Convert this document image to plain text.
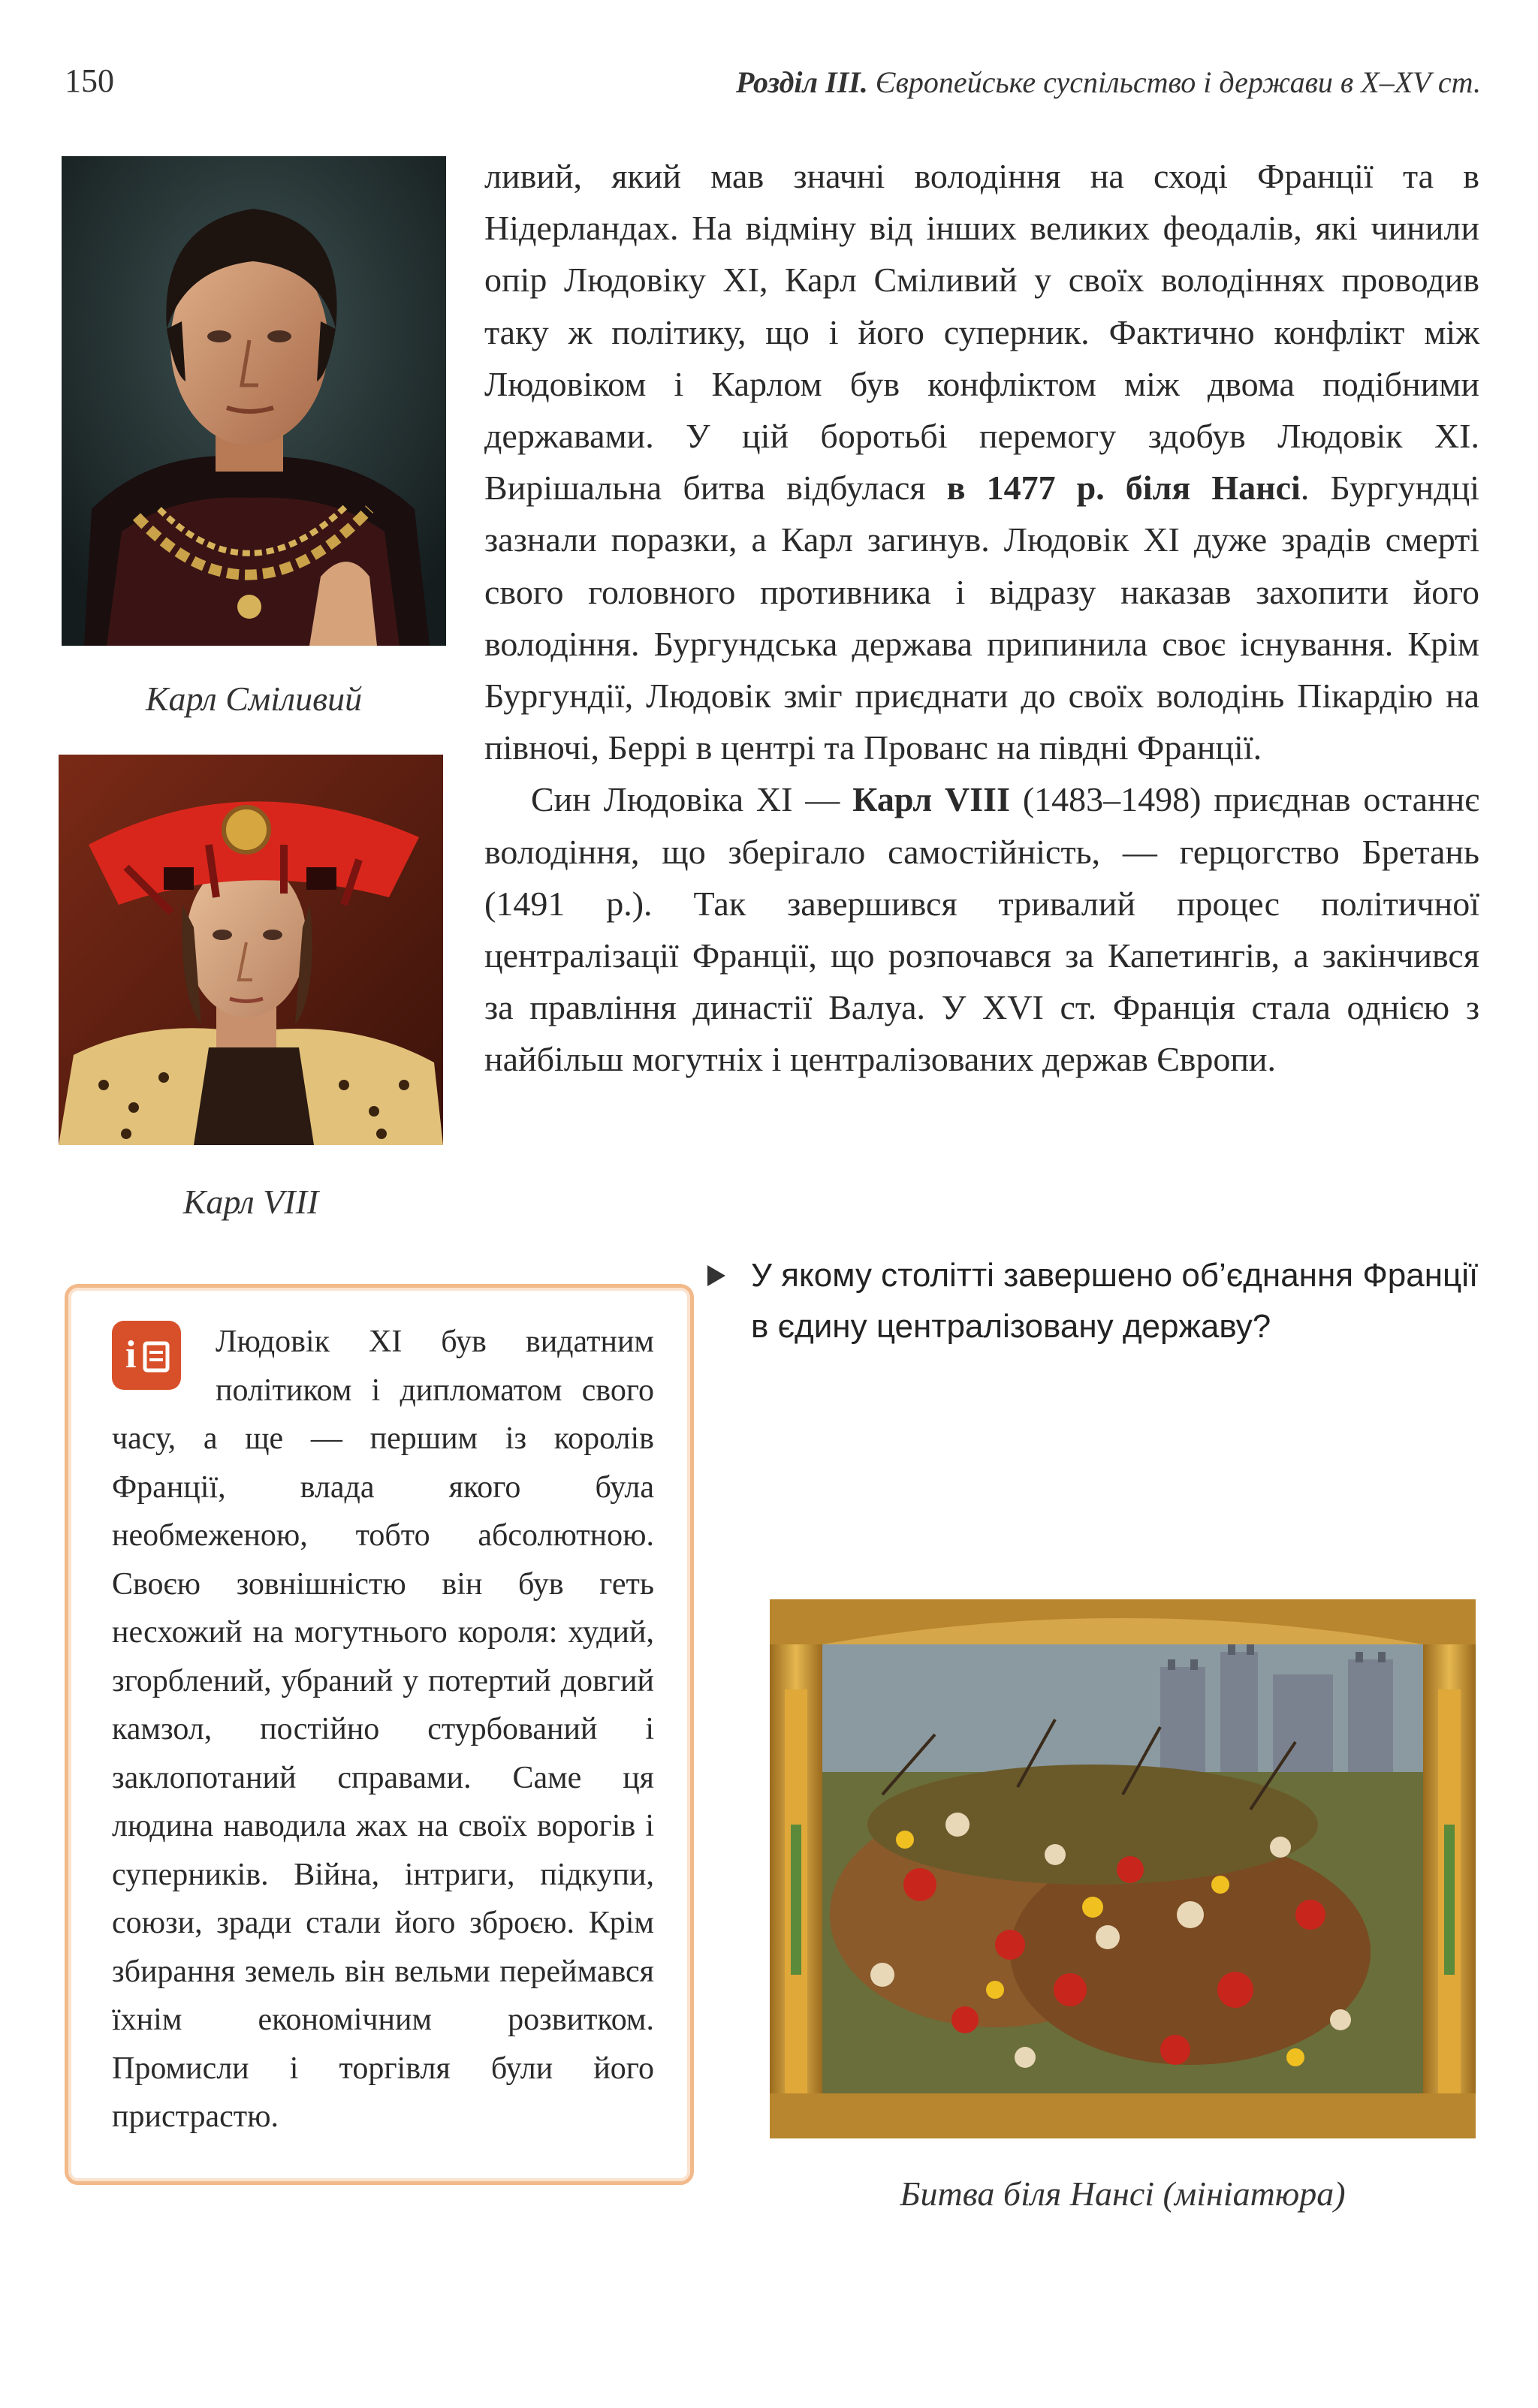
150	Розділ III. Європейське суспільство і держави в Х–XV ст.
Карл Сміливий
Карл VIII

ливий, який мав значні володіння на сході Франції та в Нідерландах. На відміну від інших великих феодалів, які чинили опір Людовіку XI, Карл Сміливий у своїх володіннях проводив таку ж політику, що і його суперник. Фактично конфлікт між Людовіком і Карлом був конфліктом між двома подібними державами. У цій боротьбі перемогу здобув Людовік XI. Вирішальна битва відбулася в 1477 р. біля Нансі. Бургундці зазнали поразки, а Карл загинув. Людовік XI дуже зрадів смерті свого головного противника і відразу наказав захопити його володіння. Бургундська держава припинила своє існування. Крім Бургундії, Людовік зміг приєднати до своїх володінь Пікардію на півночі, Беррі в центрі та Прованс на півдні Франції.

Син Людовіка XI — Карл VIII (1483–1498) приєднав останнє володіння, що зберігало самостійність, — герцогство Бретань (1491 р.). Так завершився тривалий процес політичної централізації Франції, що розпочався за Капетингів, а закінчився за правління династії Валуа. У XVI ст. Франція стала однією з найбільш могутніх і централізованих держав Європи.

У якому столітті завершено об’єднання Франції в єдину централізовану державу?
i	Людовік XI був видатним політиком і дипломатом свого часу, а ще — першим із королів Франції, влада якого була необмеженою, тобто абсолютною. Своєю зовнішністю він був геть несхожий на могутнього короля: худий, згорблений, убраний у потертий довгий камзол, постійно стурбований і заклопотаний справами. Саме ця людина наводила жах на своїх ворогів і суперників. Війна, інтриги, підкупи, союзи, зради стали його зброєю. Крім збирання земель він вельми переймався їхнім економічним розвитком. Промисли і торгівля були його пристрастю.
Битва біля Нансі (мініатюра)
